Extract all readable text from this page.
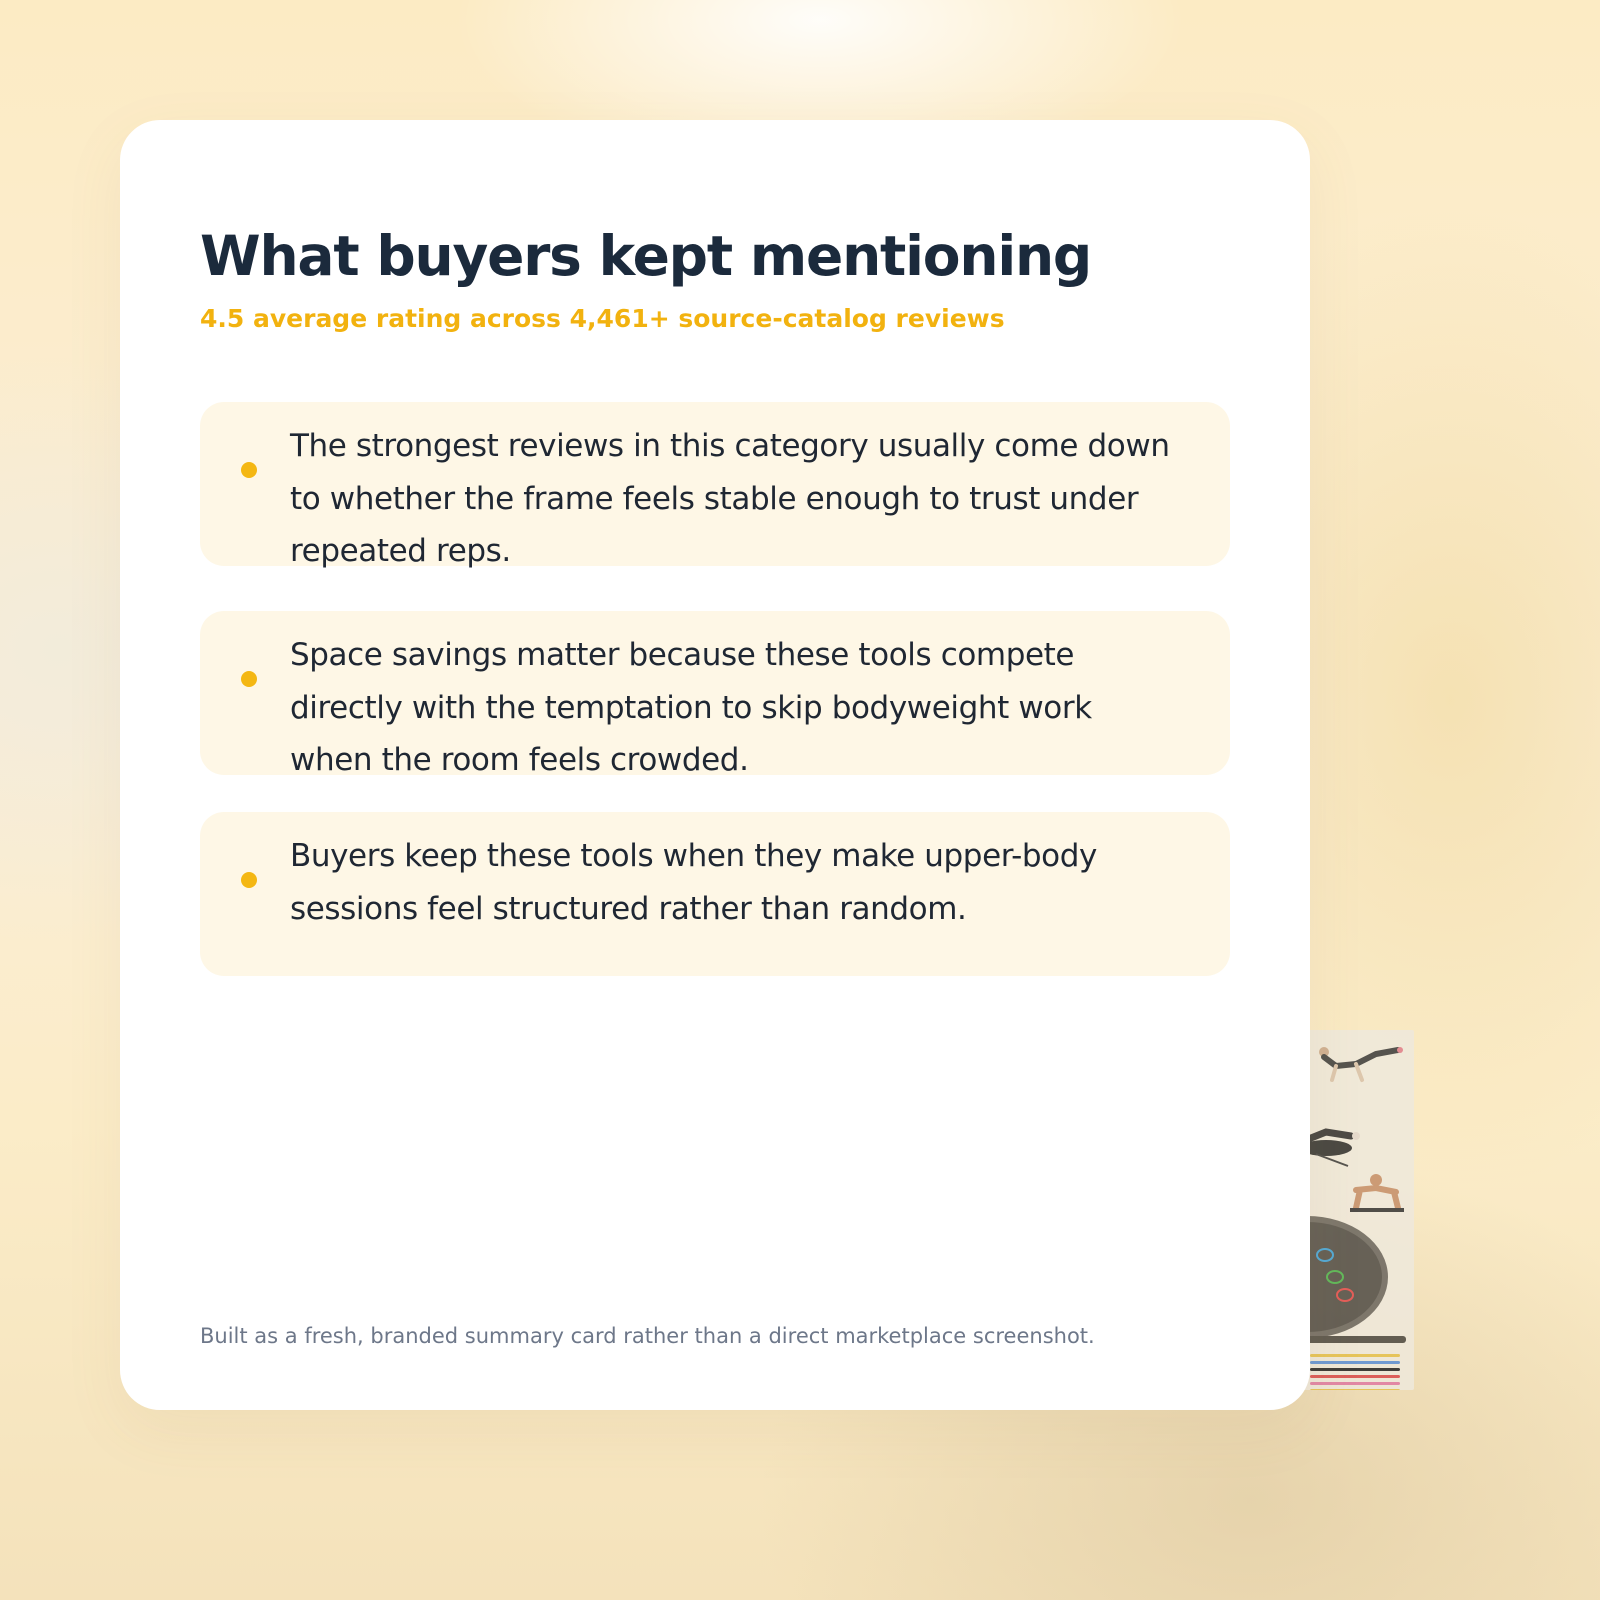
What buyers kept mentioning

4.5 average rating across 4,461+ source-catalog reviews

The strongest reviews in this category usually come down to whether the frame feels stable enough to trust under repeated reps.
Space savings matter because these tools compete directly with the temptation to skip bodyweight work when the room feels crowded.
Buyers keep these tools when they make upper-body sessions feel structured rather than random.

Built as a fresh, branded summary card rather than a direct marketplace screenshot.
